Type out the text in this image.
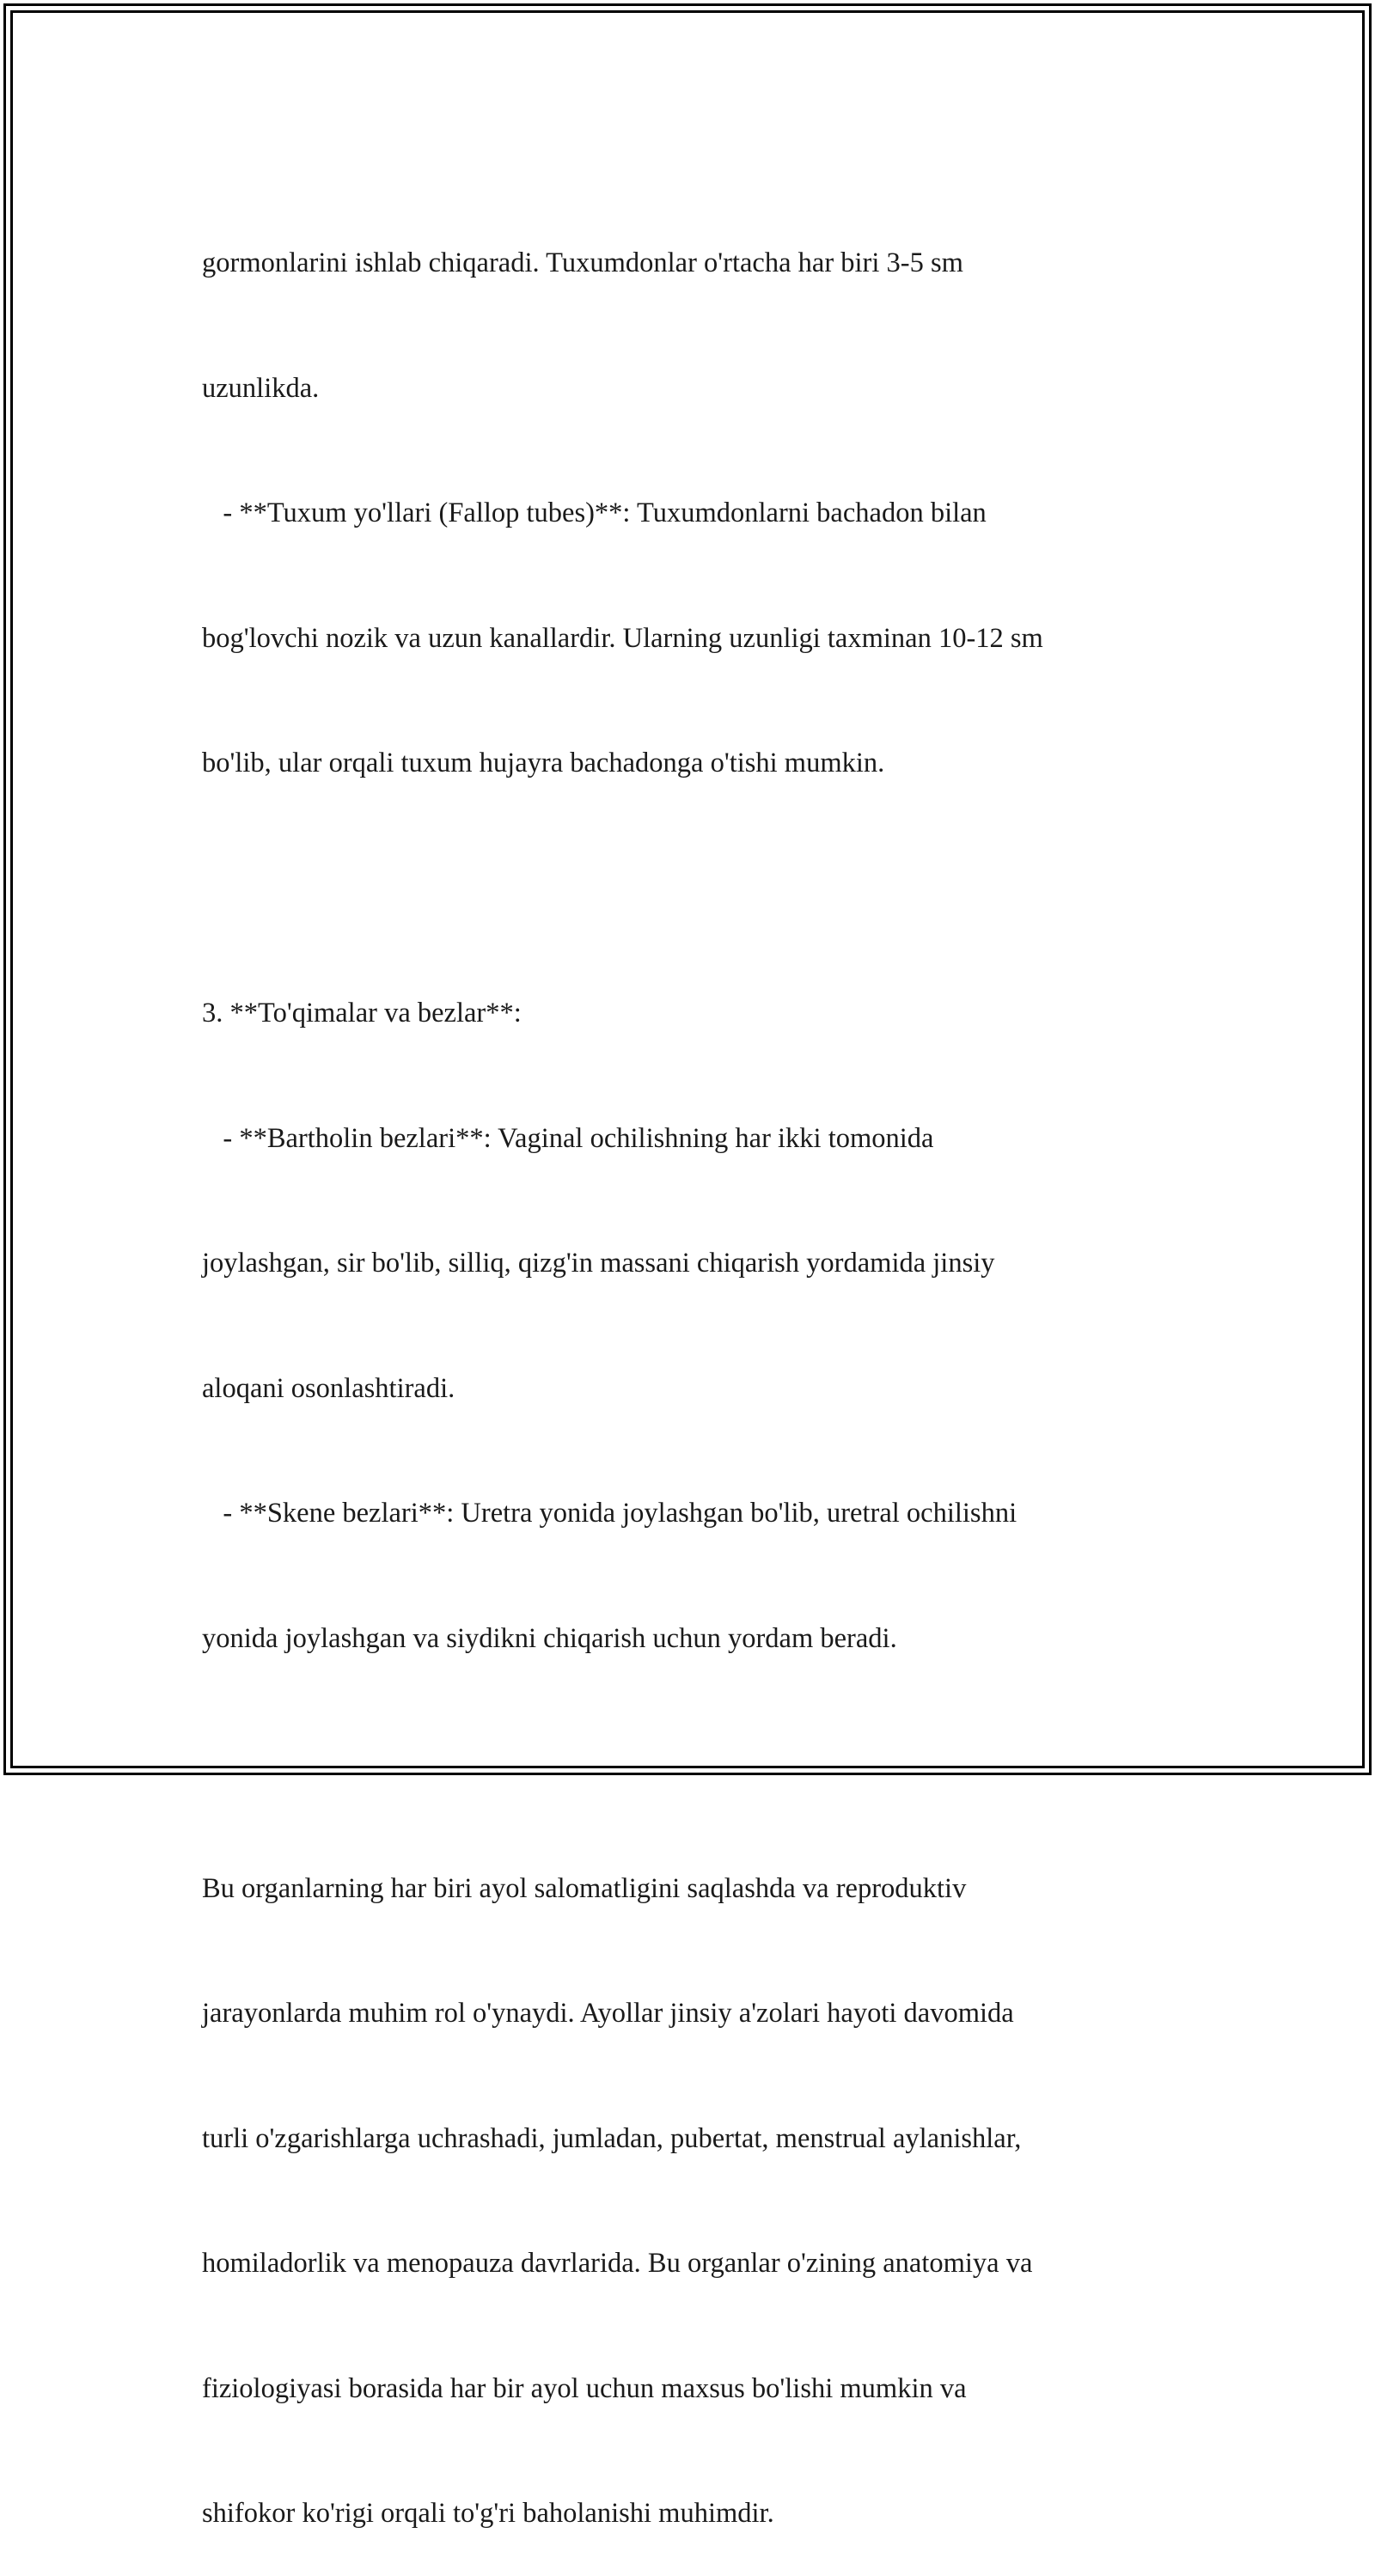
gormonlarini ishlab chiqaradi. Tuxumdonlar o'rtacha har biri 3-5 sm

uzunlikda.

- **Tuxum yo'llari (Fallop tubes)**: Tuxumdonlarni bachadon bilan

bog'lovchi nozik va uzun kanallardir. Ularning uzunligi taxminan 10-12 sm

bo'lib, ular orqali tuxum hujayra bachadonga o'tishi mumkin.

3. **To'qimalar va bezlar**:

- **Bartholin bezlari**: Vaginal ochilishning har ikki tomonida

joylashgan, sir bo'lib, silliq, qizg'in massani chiqarish yordamida jinsiy

aloqani osonlashtiradi.

- **Skene bezlari**: Uretra yonida joylashgan bo'lib, uretral ochilishni

yonida joylashgan va siydikni chiqarish uchun yordam beradi.

Bu organlarning har biri ayol salomatligini saqlashda va reproduktiv

jarayonlarda muhim rol o'ynaydi. Ayollar jinsiy a'zolari hayoti davomida

turli o'zgarishlarga uchrashadi, jumladan, pubertat, menstrual aylanishlar,

homiladorlik va menopauza davrlarida. Bu organlar o'zining anatomiya va

fiziologiyasi borasida har bir ayol uchun maxsus bo'lishi mumkin va

shifokor ko'rigi orqali to'g'ri baholanishi muhimdir.
